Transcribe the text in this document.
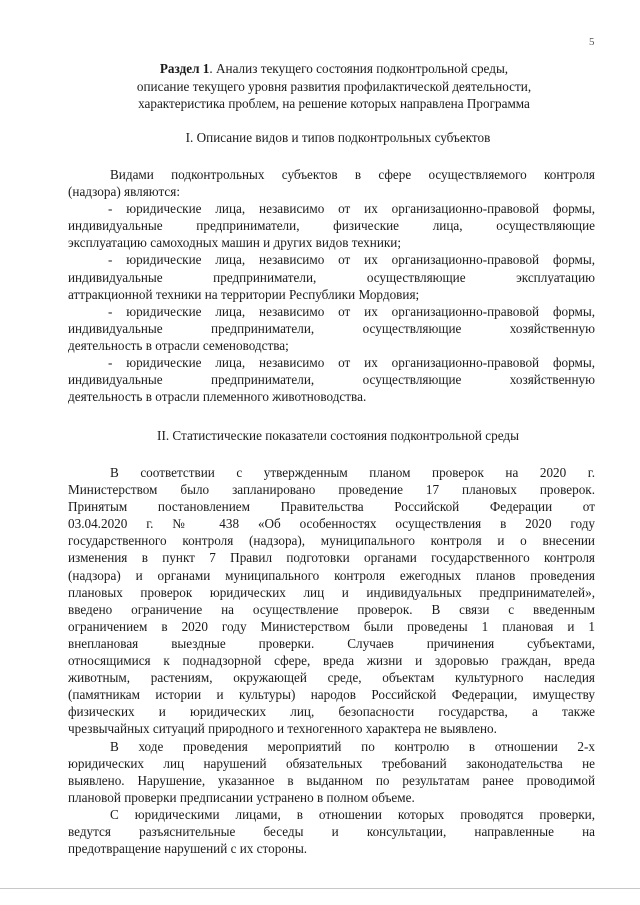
5
Раздел 1. Анализ текущего состояния подконтрольной среды,
описание текущего уровня развития профилактической деятельности,
характеристика проблем, на решение которых направлена Программа
I. Описание видов и типов подконтрольных субъектов
Видами подконтрольных субъектов в сфере осуществляемого контроля
(надзора) являются:
- юридические лица, независимо от их организационно-правовой формы,
индивидуальные предприниматели, физические лица, осуществляющие
эксплуатацию самоходных машин и других видов техники;
- юридические лица, независимо от их организационно-правовой формы,
индивидуальные предприниматели, осуществляющие эксплуатацию
аттракционной техники на территории Республики Мордовия;
- юридические лица, независимо от их организационно-правовой формы,
индивидуальные предприниматели, осуществляющие хозяйственную
деятельность в отрасли семеноводства;
- юридические лица, независимо от их организационно-правовой формы,
индивидуальные предприниматели, осуществляющие хозяйственную
деятельность в отрасли племенного животноводства.
II. Статистические показатели состояния подконтрольной среды
В соответствии с утвержденным планом проверок на 2020 г.
Министерством было запланировано проведение 17 плановых проверок.
Принятым постановлением Правительства Российской Федерации от
03.04.2020 г. № 438 «Об особенностях осуществления в 2020 году
государственного контроля (надзора), муниципального контроля и о внесении
изменения в пункт 7 Правил подготовки органами государственного контроля
(надзора) и органами муниципального контроля ежегодных планов проведения
плановых проверок юридических лиц и индивидуальных предпринимателей»,
введено ограничение на осуществление проверок. В связи с введенным
ограничением в 2020 году Министерством были проведены 1 плановая и 1
внеплановая выездные проверки. Случаев причинения субъектами,
относящимися к поднадзорной сфере, вреда жизни и здоровью граждан, вреда
животным, растениям, окружающей среде, объектам культурного наследия
(памятникам истории и культуры) народов Российской Федерации, имуществу
физических и юридических лиц, безопасности государства, а также
чрезвычайных ситуаций природного и техногенного характера не выявлено.
В ходе проведения мероприятий по контролю в отношении 2-х
юридических лиц нарушений обязательных требований законодательства не
выявлено. Нарушение, указанное в выданном по результатам ранее проводимой
плановой проверки предписании устранено в полном объеме.
С юридическими лицами, в отношении которых проводятся проверки,
ведутся разъяснительные беседы и консультации, направленные на
предотвращение нарушений с их стороны.
